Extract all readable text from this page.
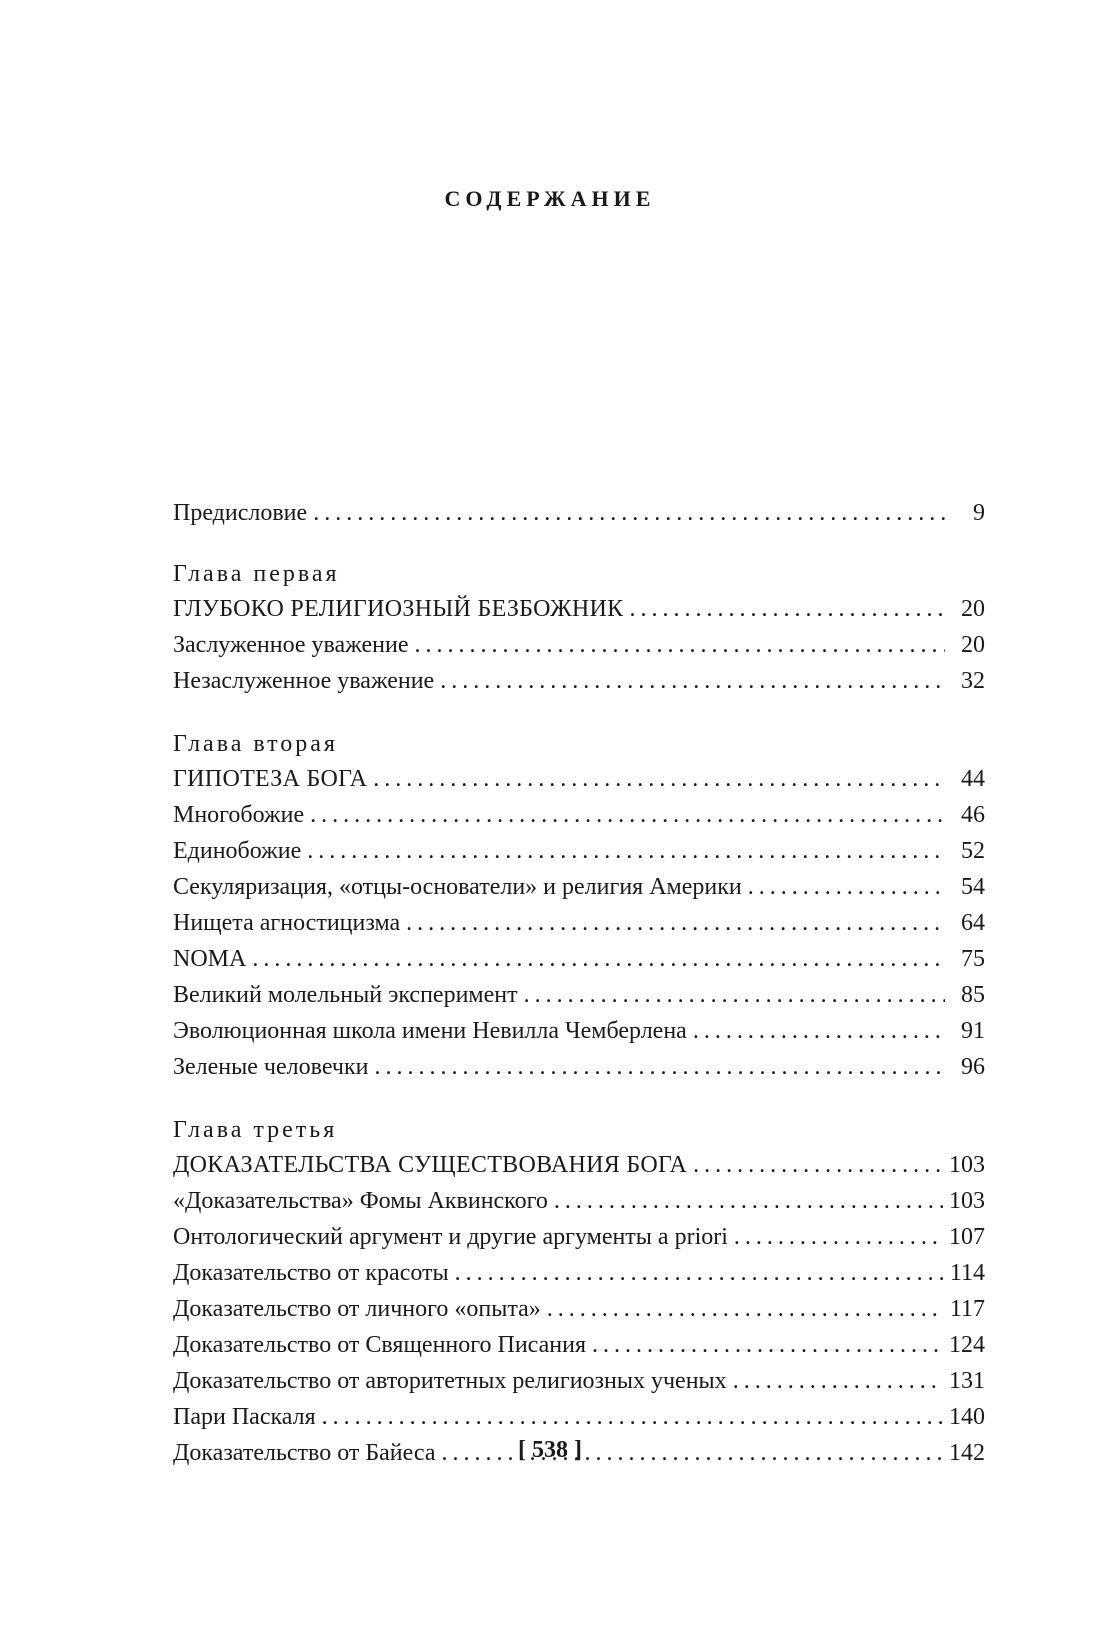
СОДЕРЖАНИЕ
Предисловие . . .	9
Глава первая
ГЛУБОКО РЕЛИГИОЗНЫЙ БЕЗБОЖНИК . . .	20
Заслуженное уважение . . .	20
Незаслуженное уважение . . .	32
Глава вторая
ГИПОТЕЗА БОГА . . .	44
Многобожие . . .	46
Единобожие . . .	52
Секуляризация, «отцы-основатели» и религия Америки . . .	54
Нищета агностицизма . . .	64
NOMA . . .	75
Великий молельный эксперимент . . .	85
Эволюционная школа имени Невилла Чемберлена . . .	91
Зеленые человечки . . .	96
Глава третья
ДОКАЗАТЕЛЬСТВА СУЩЕСТВОВАНИЯ БОГА . . .	103
«Доказательства» Фомы Аквинского . . .	103
Онтологический аргумент и другие аргументы a priori . . .	107
Доказательство от красоты . . .	114
Доказательство от личного «опыта» . . .	117
Доказательство от Священного Писания . . .	124
Доказательство от авторитетных религиозных ученых . . .	131
Пари Паскаля . . .	140
Доказательство от Байеса . . .	142
[ 538 ]
